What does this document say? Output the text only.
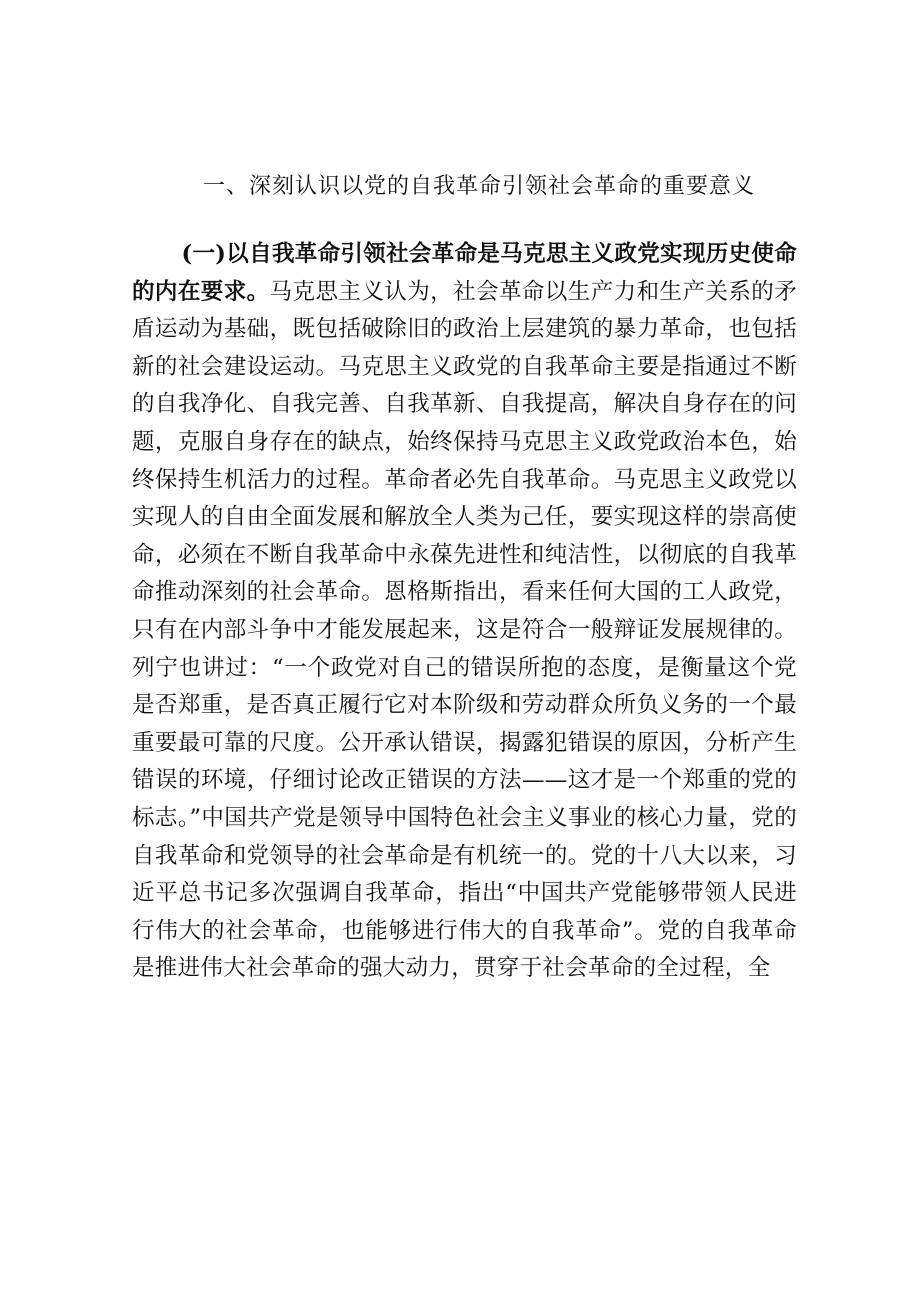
一、深刻认识以党的自我革命引领社会革命的重要意义

(一)以自我革命引领社会革命是马克思主义政党实现历史使命的内在要求。马克思主义认为，社会革命以生产力和生产关系的矛盾运动为基础，既包括破除旧的政治上层建筑的暴力革命，也包括新的社会建设运动。马克思主义政党的自我革命主要是指通过不断的自我净化、自我完善、自我革新、自我提高，解决自身存在的问题，克服自身存在的缺点，始终保持马克思主义政党政治本色，始终保持生机活力的过程。革命者必先自我革命。马克思主义政党以实现人的自由全面发展和解放全人类为己任，要实现这样的崇高使命，必须在不断自我革命中永葆先进性和纯洁性，以彻底的自我革命推动深刻的社会革命。恩格斯指出，看来任何大国的工人政党，只有在内部斗争中才能发展起来，这是符合一般辩证发展规律的。列宁也讲过：“一个政党对自己的错误所抱的态度，是衡量这个党是否郑重，是否真正履行它对本阶级和劳动群众所负义务的一个最重要最可靠的尺度。公开承认错误，揭露犯错误的原因，分析产生错误的环境，仔细讨论改正错误的方法——这才是一个郑重的党的标志。”中国共产党是领导中国特色社会主义事业的核心力量，党的自我革命和党领导的社会革命是有机统一的。党的十八大以来，习近平总书记多次强调自我革命，指出“中国共产党能够带领人民进行伟大的社会革命，也能够进行伟大的自我革命”。党的自我革命是推进伟大社会革命的强大动力，贯穿于社会革命的全过程，全
